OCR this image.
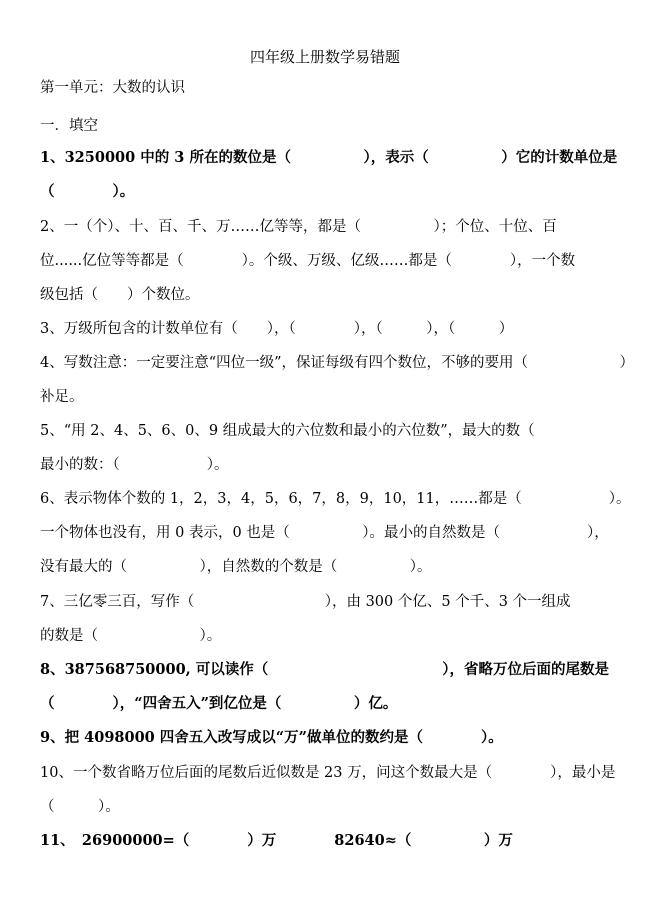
四年级上册数学易错题
第一单元：大数的认识
一．填空
1、3250000 中的 3 所在的数位是（　　　　　），表示（　　　　　）它的计数单位是
（　　　　）。
2、一（个）、十、百、千、万……亿等等，都是（　　　　　）；个位、十位、百
位......亿位等等都是（　　　　）。个级、万级、亿级……都是（　　　　），一个数
级包括（　　）个数位。
3、万级所包含的计数单位有（　　），（　　　　），（　　　），（　　　）
4、写数注意：一定要注意“四位一级”，保证每级有四个数位，不够的要用（	）
补足。
5、“用 2、4、5、6、0、9 组成最大的六位数和最小的六位数”，最大的数（
最小的数：（　　　　　　）。
6、表示物体个数的 1，2，3，4，5，6，7，8，9，10，11，……都是（　　　　　　）。
一个物体也没有，用 0 表示，0 也是（　　　　　）。最小的自然数是（　　　　　　），
没有最大的（　　　　　），自然数的个数是（　　　　　）。
7、三亿零三百，写作（　　　　　　　　　），由 300 个亿、5 个千、3 个一组成
的数是（　　　　　　　）。
8、387568750000, 可以读作（　　　　　　　　　　　　），省略万位后面的尾数是
（　　　　），“四舍五入”到亿位是（　　　　　）亿。
9、把 4098000 四舍五入改写成以“万”做单位的数约是（　　　　）。
10、一个数省略万位后面的尾数后近似数是 23 万，问这个数最大是（　　　　），最小是
（　　　）。
11、　26900000=（　　　　）万　　　　82640≈（　　　　　）万
